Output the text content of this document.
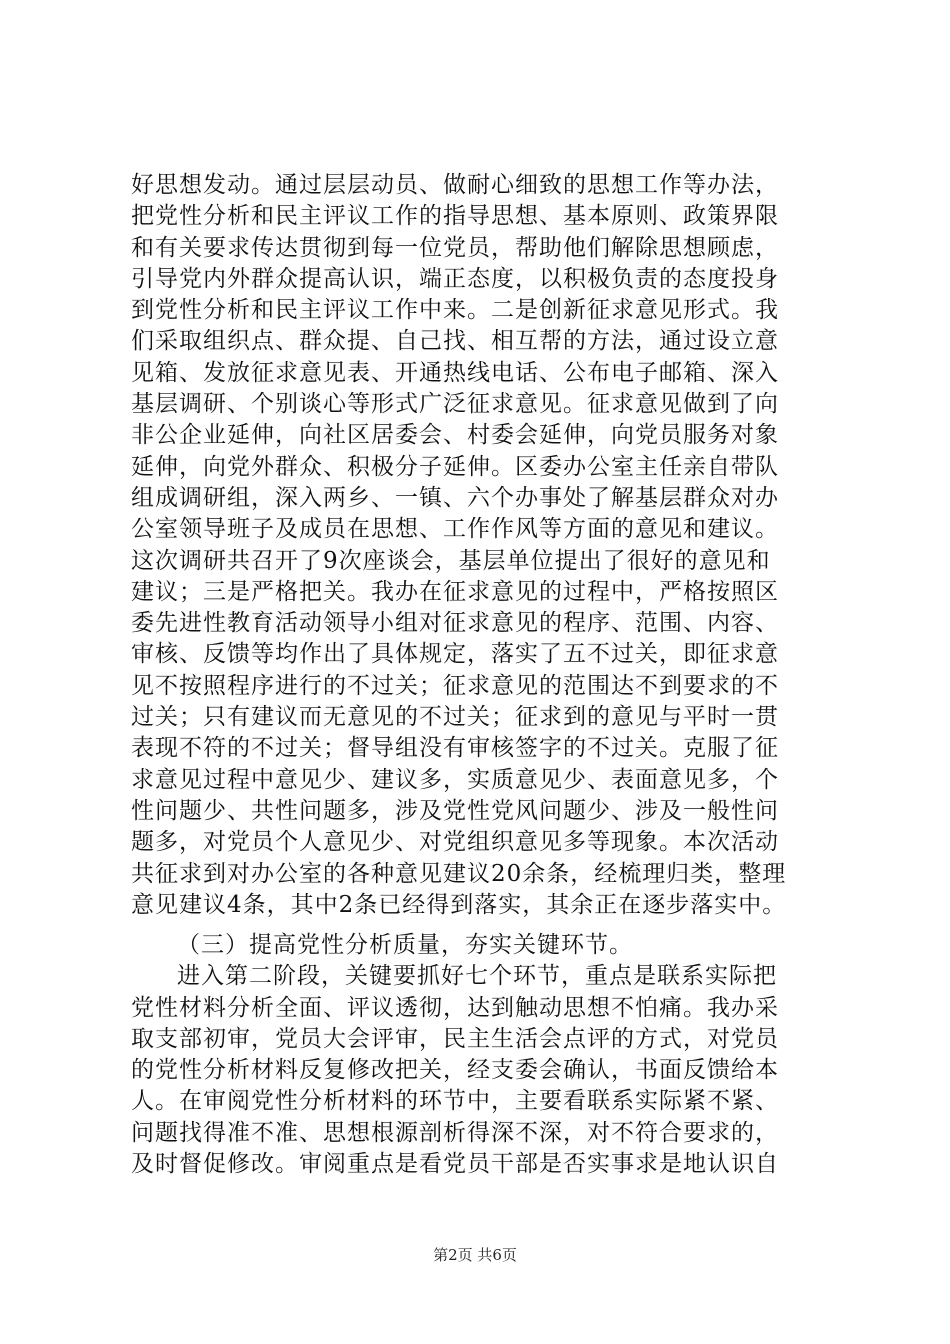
好思想发动。通过层层动员、做耐心细致的思想工作等办法，
把党性分析和民主评议工作的指导思想、基本原则、政策界限
和有关要求传达贯彻到每一位党员，帮助他们解除思想顾虑，
引导党内外群众提高认识，端正态度，以积极负责的态度投身
到党性分析和民主评议工作中来。二是创新征求意见形式。我
们采取组织点、群众提、自己找、相互帮的方法，通过设立意
见箱、发放征求意见表、开通热线电话、公布电子邮箱、深入
基层调研、个别谈心等形式广泛征求意见。征求意见做到了向
非公企业延伸，向社区居委会、村委会延伸，向党员服务对象
延伸，向党外群众、积极分子延伸。区委办公室主任亲自带队
组成调研组，深入两乡、一镇、六个办事处了解基层群众对办
公室领导班子及成员在思想、工作作风等方面的意见和建议。
这次调研共召开了9次座谈会，基层单位提出了很好的意见和
建议；三是严格把关。我办在征求意见的过程中，严格按照区
委先进性教育活动领导小组对征求意见的程序、范围、内容、
审核、反馈等均作出了具体规定，落实了五不过关，即征求意
见不按照程序进行的不过关；征求意见的范围达不到要求的不
过关；只有建议而无意见的不过关；征求到的意见与平时一贯
表现不符的不过关；督导组没有审核签字的不过关。克服了征
求意见过程中意见少、建议多，实质意见少、表面意见多，个
性问题少、共性问题多，涉及党性党风问题少、涉及一般性问
题多，对党员个人意见少、对党组织意见多等现象。本次活动
共征求到对办公室的各种意见建议20余条，经梳理归类，整理
意见建议4条，其中2条已经得到落实，其余正在逐步落实中。
（三）提高党性分析质量，夯实关键环节。
进入第二阶段，关键要抓好七个环节，重点是联系实际把
党性材料分析全面、评议透彻，达到触动思想不怕痛。我办采
取支部初审，党员大会评审，民主生活会点评的方式，对党员
的党性分析材料反复修改把关，经支委会确认，书面反馈给本
人。在审阅党性分析材料的环节中，主要看联系实际紧不紧、
问题找得准不准、思想根源剖析得深不深，对不符合要求的，
及时督促修改。审阅重点是看党员干部是否实事求是地认识自
第2页 共6页
